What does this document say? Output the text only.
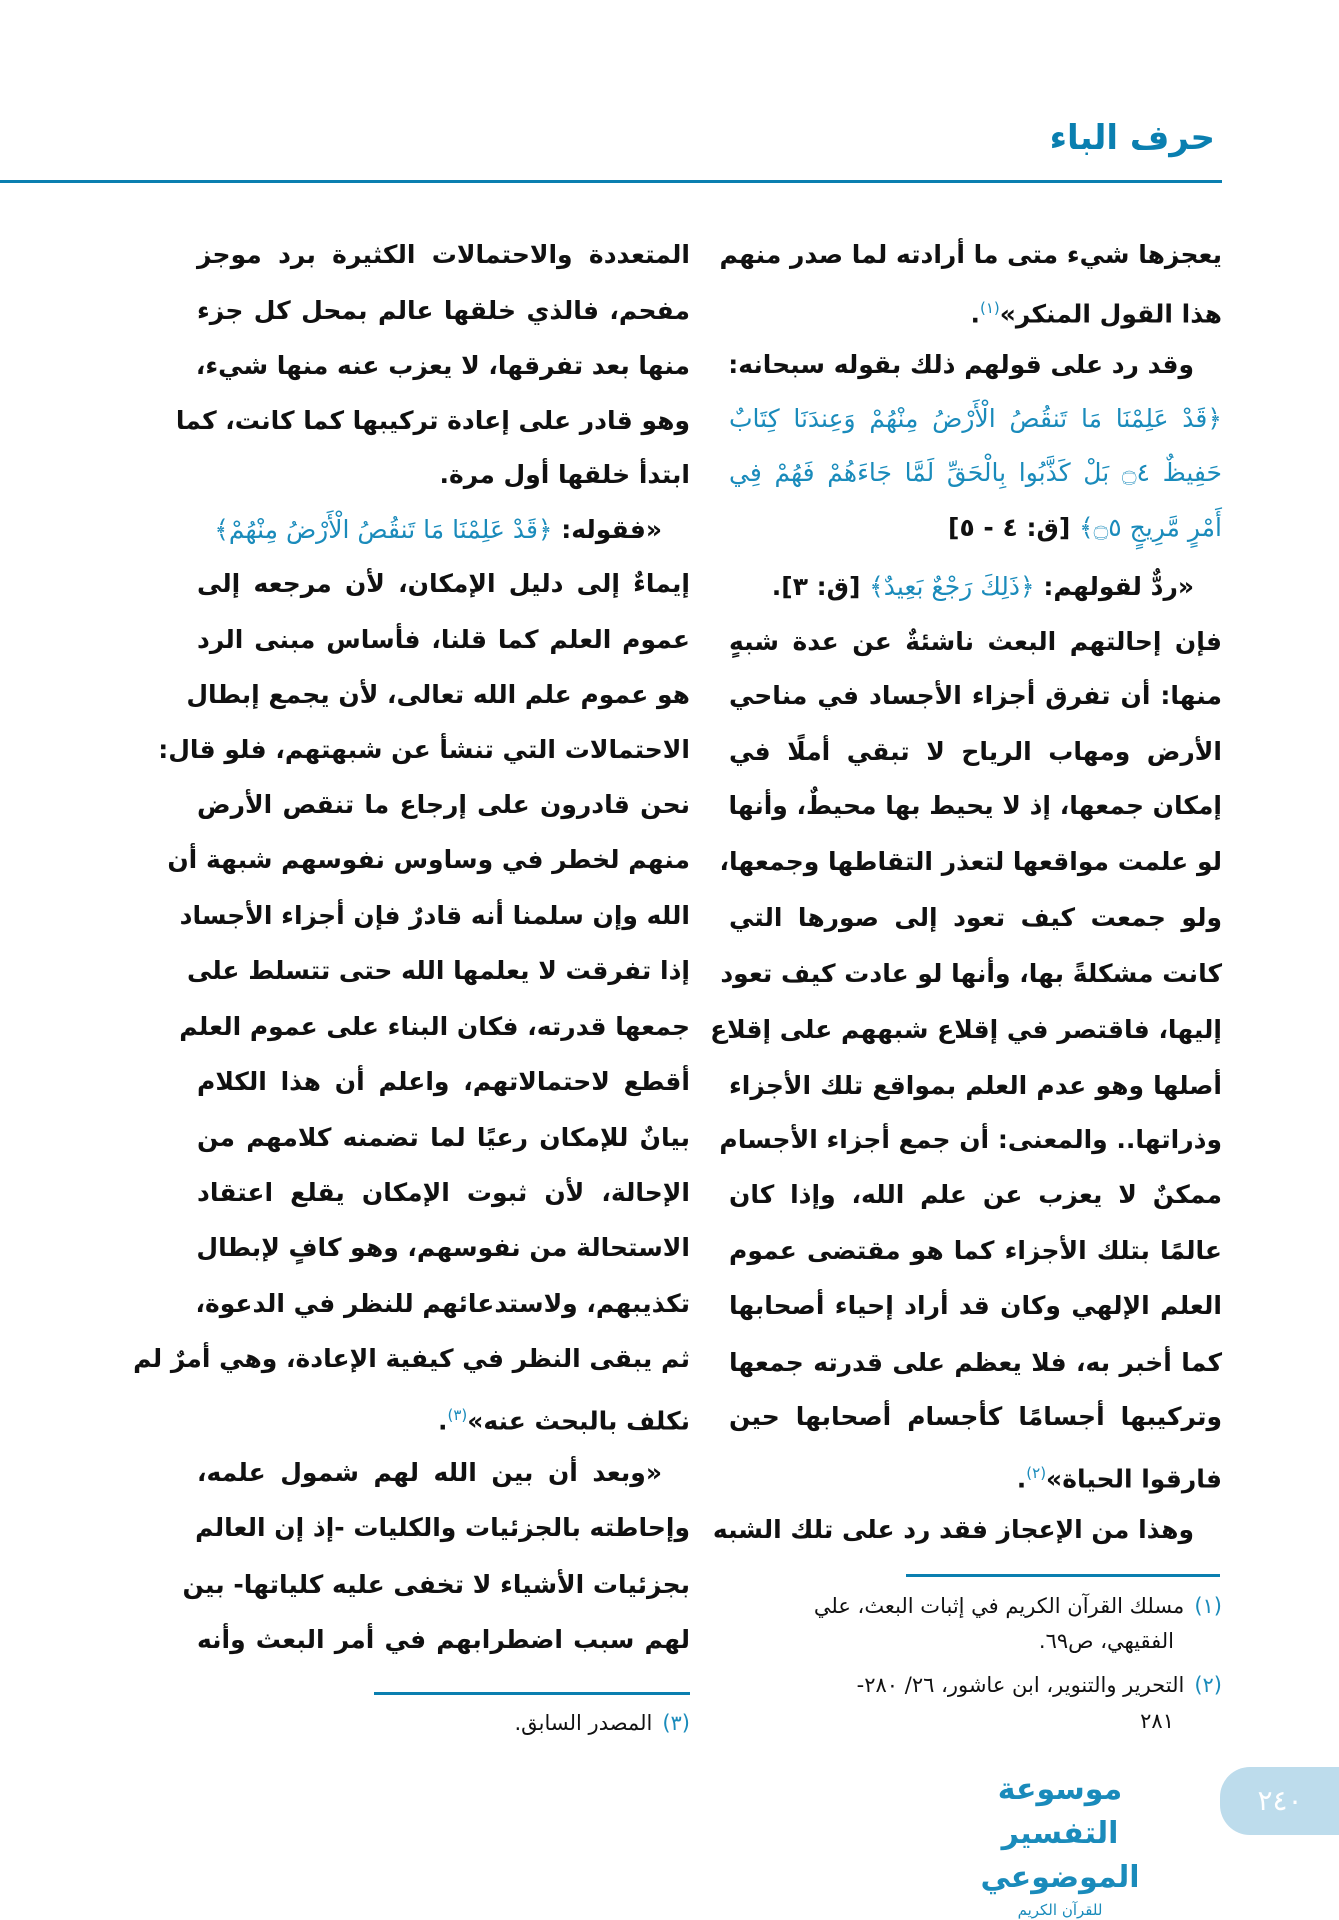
حرف الباء
يعجزها شيء متى ما أرادته لما صدر منهم
هذا القول المنكر»$^{(١)}$.
وقد رد على قولهم ذلك بقوله سبحانه:
﴿قَدْ عَلِمْنَا مَا تَنقُصُ الْأَرْضُ مِنْهُمْ وَعِندَنَا كِتَابٌ
حَفِيظٌ ۝٤ بَلْ كَذَّبُوا بِالْحَقِّ لَمَّا جَاءَهُمْ فَهُمْ فِي
أَمْرٍ مَّرِيجٍ ۝٥﴾ [ق: ٤ - ٥]
«ردٌّ لقولهم: ﴿ذَلِكَ رَجْعٌ بَعِيدٌ﴾ [ق: ٣].
فإن إحالتهم البعث ناشئةٌ عن عدة شبهٍ
منها: أن تفرق أجزاء الأجساد في مناحي
الأرض ومهاب الرياح لا تبقي أملًا في
إمكان جمعها، إذ لا يحيط بها محيطٌ، وأنها
لو علمت مواقعها لتعذر التقاطها وجمعها،
ولو جمعت كيف تعود إلى صورها التي
كانت مشكلةً بها، وأنها لو عادت كيف تعود
إليها، فاقتصر في إقلاع شبههم على إقلاع
أصلها وهو عدم العلم بمواقع تلك الأجزاء
وذراتها.. والمعنى: أن جمع أجزاء الأجسام
ممكنٌ لا يعزب عن علم الله، وإذا كان
عالمًا بتلك الأجزاء كما هو مقتضى عموم
العلم الإلهي وكان قد أراد إحياء أصحابها
كما أخبر به، فلا يعظم على قدرته جمعها
وتركيبها أجسامًا كأجسام أصحابها حين
فارقوا الحياة»$^{(٢)}$.
وهذا من الإعجاز فقد رد على تلك الشبه
(١)مسلك القرآن الكريم في إثبات البعث، علي
الفقيهي، ص٦٩.
(٢)التحرير والتنوير، ابن عاشور، ٢٦/ ٢٨٠-
٢٨١
المتعددة والاحتمالات الكثيرة برد موجز
مفحم، فالذي خلقها عالم بمحل كل جزء
منها بعد تفرقها، لا يعزب عنه منها شيء،
وهو قادر على إعادة تركيبها كما كانت، كما
ابتدأ خلقها أول مرة.
«فقوله: ﴿قَدْ عَلِمْنَا مَا تَنقُصُ الْأَرْضُ مِنْهُمْ﴾
إيماءٌ إلى دليل الإمكان، لأن مرجعه إلى
عموم العلم كما قلنا، فأساس مبنى الرد
هو عموم علم الله تعالى، لأن يجمع إبطال
الاحتمالات التي تنشأ عن شبهتهم، فلو قال:
نحن قادرون على إرجاع ما تنقص الأرض
منهم لخطر في وساوس نفوسهم شبهة أن
الله وإن سلمنا أنه قادرٌ فإن أجزاء الأجساد
إذا تفرقت لا يعلمها الله حتى تتسلط على
جمعها قدرته، فكان البناء على عموم العلم
أقطع لاحتمالاتهم، واعلم أن هذا الكلام
بيانٌ للإمكان رعيًا لما تضمنه كلامهم من
الإحالة، لأن ثبوت الإمكان يقلع اعتقاد
الاستحالة من نفوسهم، وهو كافٍ لإبطال
تكذيبهم، ولاستدعائهم للنظر في الدعوة،
ثم يبقى النظر في كيفية الإعادة، وهي أمرٌ لم
نكلف بالبحث عنه»$^{(٣)}$.
«وبعد أن بين الله لهم شمول علمه،
وإحاطته بالجزئيات والكليات -إذ إن العالم
بجزئيات الأشياء لا تخفى عليه كلياتها- بين
لهم سبب اضطرابهم في أمر البعث وأنه
(٣)المصدر السابق.
موسوعة التفسير الموضوعي
للقرآن الكريم
٢٤٠
